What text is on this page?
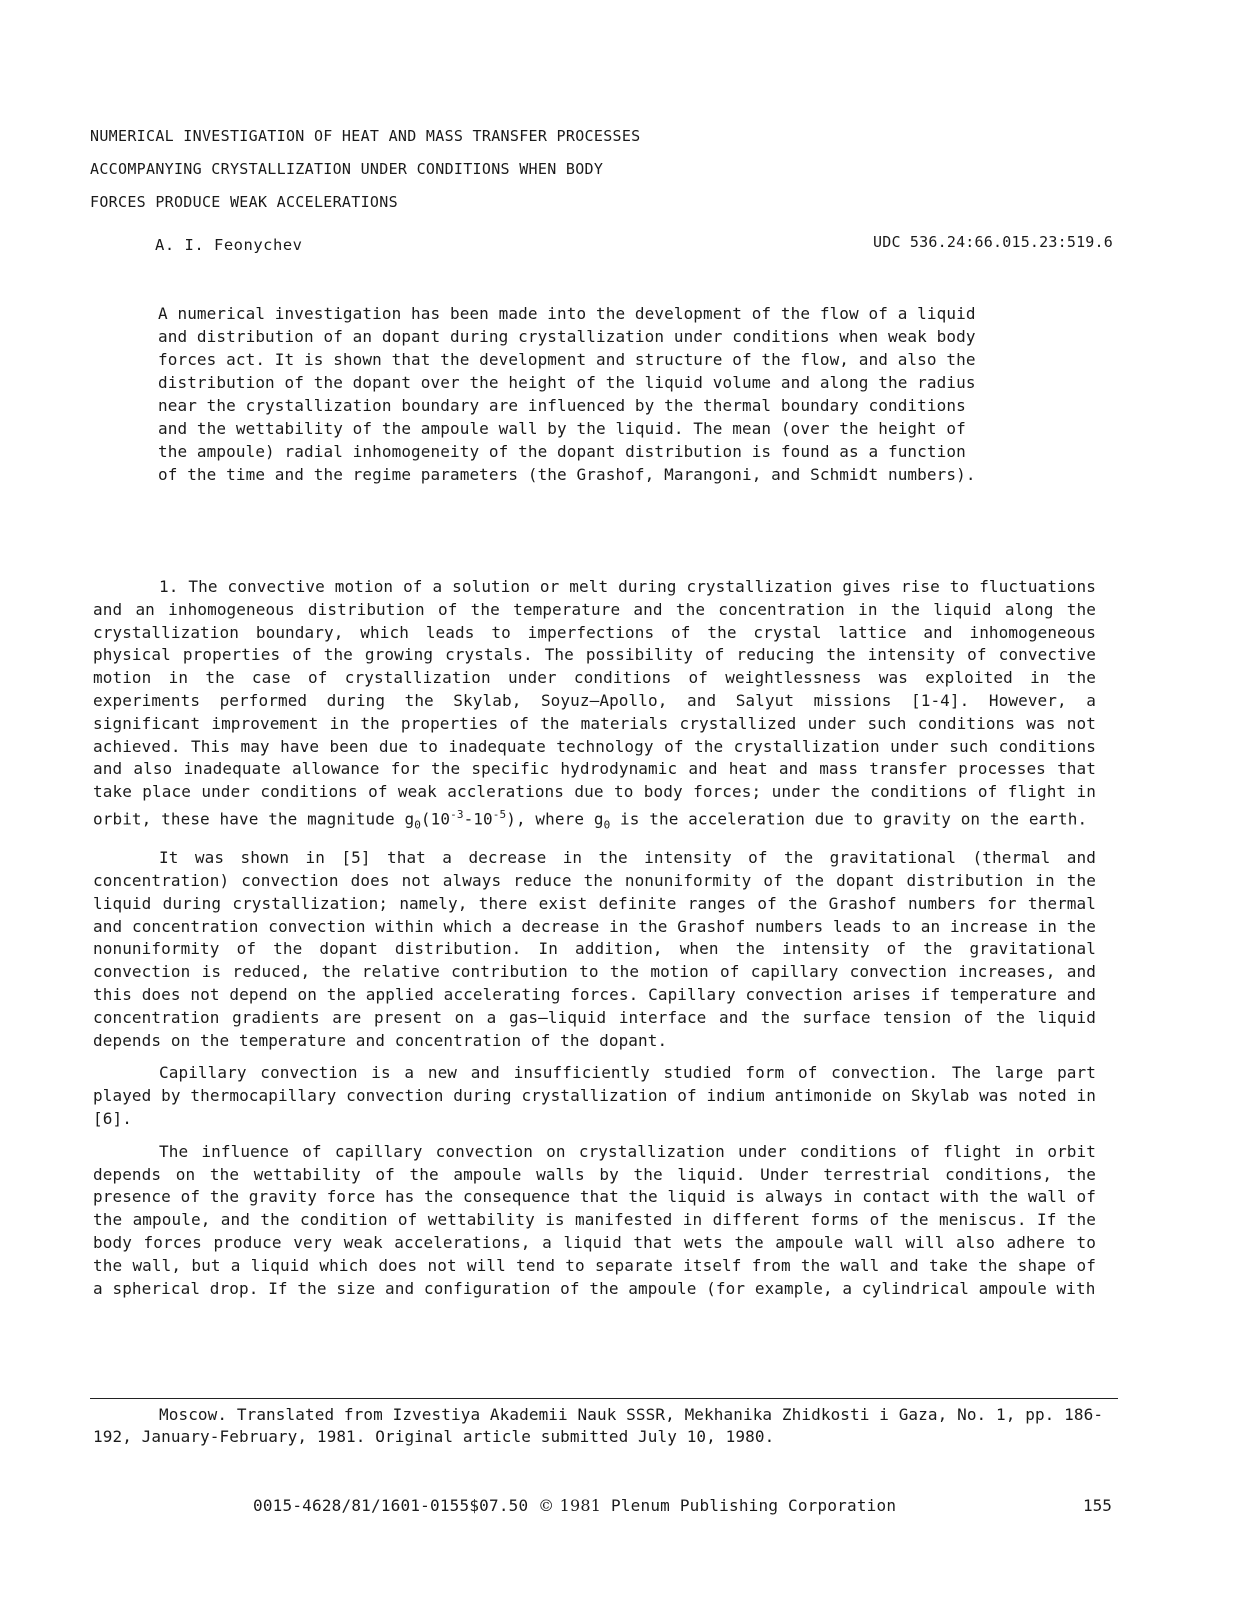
NUMERICAL INVESTIGATION OF HEAT AND MASS TRANSFER PROCESSES
ACCOMPANYING CRYSTALLIZATION UNDER CONDITIONS WHEN BODY
FORCES PRODUCE WEAK ACCELERATIONS
A. I. Feonychev	UDC 536.24:66.015.23:519.6
A numerical investigation has been made into the development of the flow of a liquid and distribution of an dopant during crystallization under conditions when weak body forces act. It is shown that the development and structure of the flow, and also the distribution of the dopant over the height of the liquid volume and along the radius near the crystallization boundary are influenced by the thermal boundary conditions and the wettability of the ampoule wall by the liquid. The mean (over the height of the ampoule) radial inhomogeneity of the dopant distribution is found as a function of the time and the regime parameters (the Grashof, Marangoni, and Schmidt numbers).

1. The convective motion of a solution or melt during crystallization gives rise to fluctuations and an inhomogeneous distribution of the temperature and the concentration in the liquid along the crystallization boundary, which leads to imperfections of the crystal lattice and inhomogeneous physical properties of the growing crystals. The possibility of reducing the intensity of convective motion in the case of crystallization under conditions of weightlessness was exploited in the experiments performed during the Skylab, Soyuz—Apollo, and Salyut missions [1-4]. However, a significant improvement in the properties of the materials crystallized under such conditions was not achieved. This may have been due to inadequate technology of the crystallization under such conditions and also inadequate allowance for the specific hydrodynamic and heat and mass transfer processes that take place under conditions of weak acclerations due to body forces; under the conditions of flight in orbit, these have the magnitude $g_0(10^{-3}-10^{-5})$, where $g_0$ is the acceleration due to gravity on the earth.

It was shown in [5] that a decrease in the intensity of the gravitational (thermal and concentration) convection does not always reduce the nonuniformity of the dopant distribution in the liquid during crystallization; namely, there exist definite ranges of the Grashof numbers for thermal and concentration convection within which a decrease in the Grashof numbers leads to an increase in the nonuniformity of the dopant distribution. In addition, when the intensity of the gravitational convection is reduced, the relative contribution to the motion of capillary convection increases, and this does not depend on the applied accelerating forces. Capillary convection arises if temperature and concentration gradients are present on a gas—liquid interface and the surface tension of the liquid depends on the temperature and concentration of the dopant.

Capillary convection is a new and insufficiently studied form of convection. The large part played by thermocapillary convection during crystallization of indium antimonide on Skylab was noted in [6].

The influence of capillary convection on crystallization under conditions of flight in orbit depends on the wettability of the ampoule walls by the liquid. Under terrestrial conditions, the presence of the gravity force has the consequence that the liquid is always in contact with the wall of the ampoule, and the condition of wettability is manifested in different forms of the meniscus. If the body forces produce very weak accelerations, a liquid that wets the ampoule wall will also adhere to the wall, but a liquid which does not will tend to separate itself from the wall and take the shape of a spherical drop. If the size and configuration of the ampoule (for example, a cylindrical ampoule with

Moscow. Translated from Izvestiya Akademii Nauk SSSR, Mekhanika Zhidkosti i Gaza, No. 1, pp. 186-192, January-February, 1981. Original article submitted July 10, 1980.

0015-4628/81/1601-0155$07.50 © 1981 Plenum Publishing Corporation	155
